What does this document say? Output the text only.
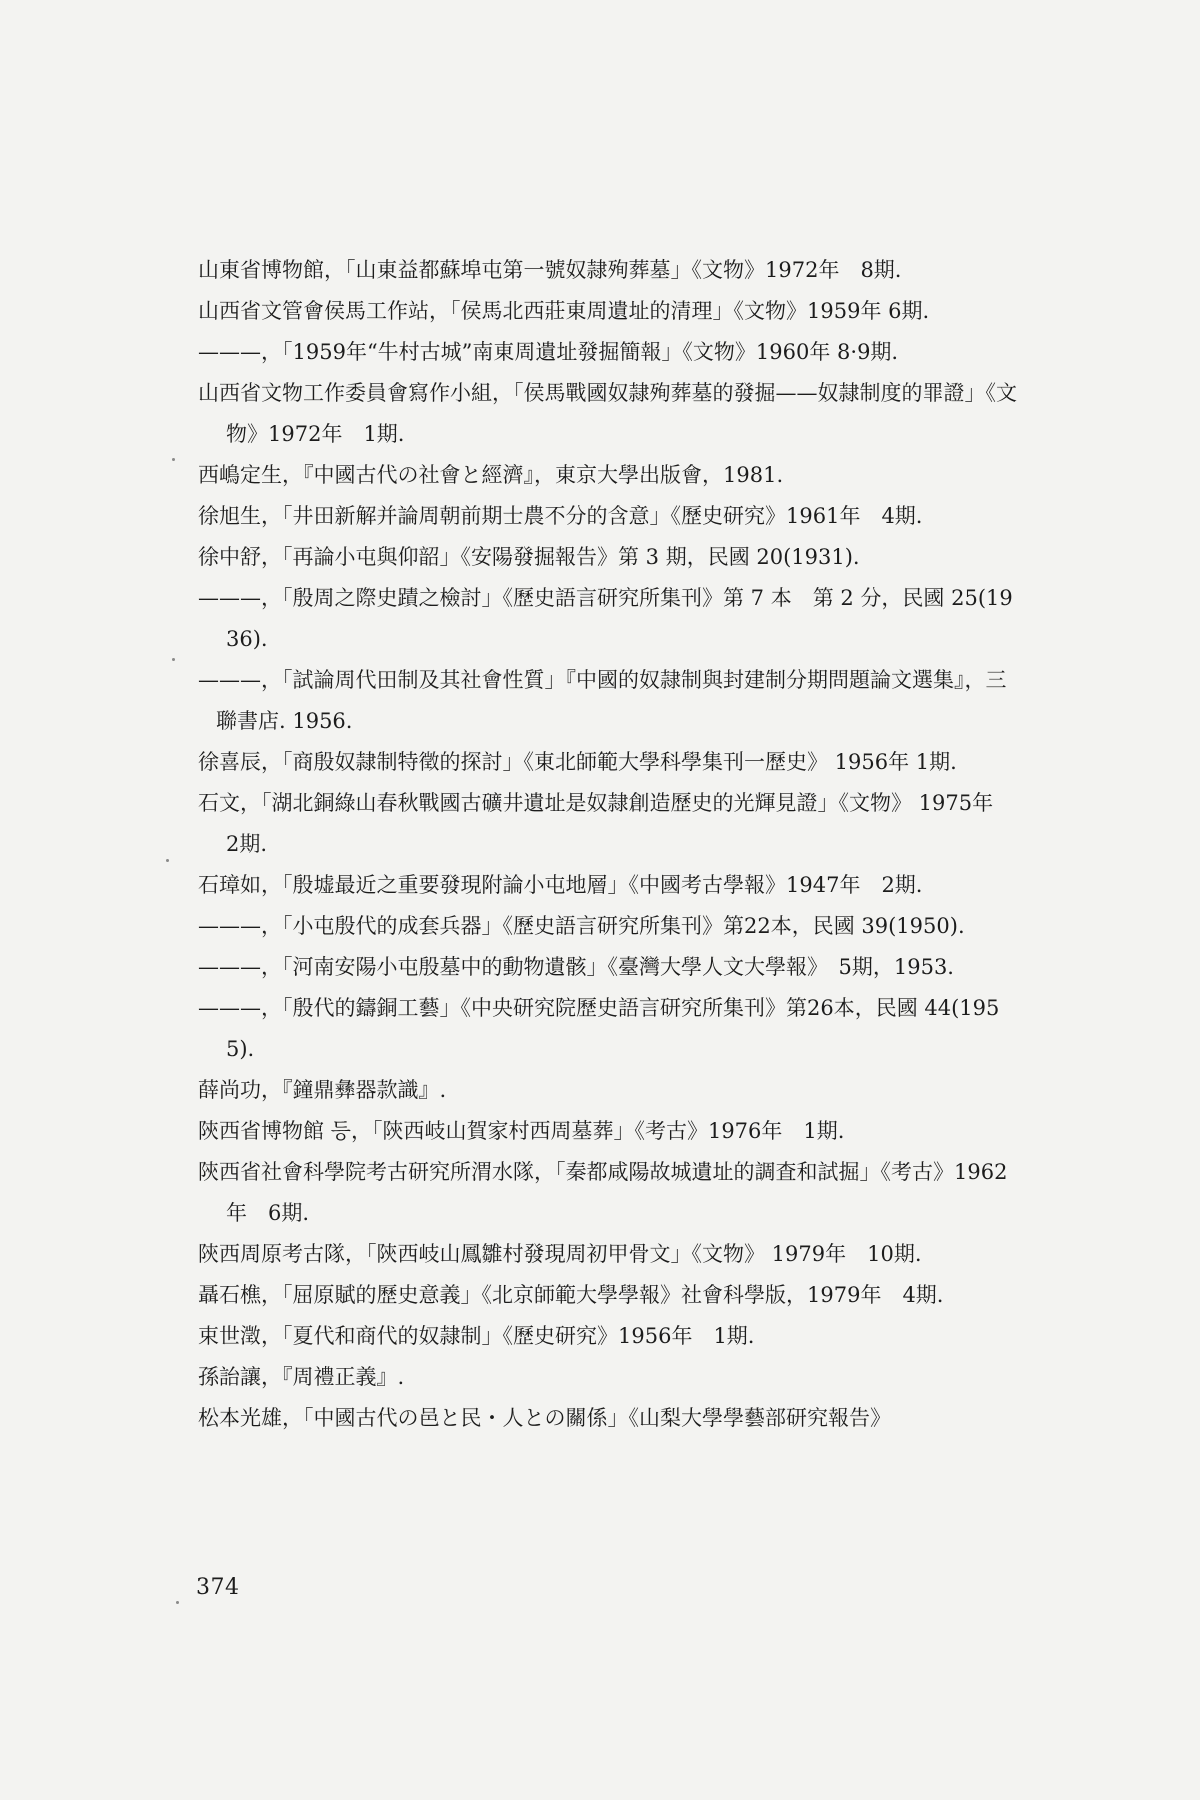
山東省博物館，「山東益都蘇埠屯第一號奴隷殉葬墓」《文物》1972年　8期.
山西省文管會侯馬工作站，「侯馬北西莊東周遺址的清理」《文物》1959年 6期.
———，「1959年“牛村古城”南東周遺址發掘簡報」《文物》1960年 8·9期.
山西省文物工作委員會寫作小組，「侯馬戰國奴隷殉葬墓的發掘——奴隷制度的罪證」《文物》1972年　1期.
西嶋定生，『中國古代の社會と經濟』，東京大學出版會，1981.
徐旭生，「井田新解并論周朝前期士農不分的含意」《歷史研究》1961年　4期.
徐中舒，「再論小屯與仰韶」《安陽發掘報告》第 3 期，民國 20(1931).
———，「殷周之際史蹟之檢討」《歷史語言研究所集刊》第 7 本　第 2 分，民國 25(1936).
———，「試論周代田制及其社會性質」『中國的奴隷制與封建制分期問題論文選集』，三聯書店. 1956.
徐喜辰，「商殷奴隷制特徵的探討」《東北師範大學科學集刊一歷史》 1956年 1期.
石文，「湖北銅綠山春秋戰國古礦井遺址是奴隷創造歷史的光輝見證」《文物》 1975年　2期.
石璋如，「殷墟最近之重要發現附論小屯地層」《中國考古學報》1947年　2期.
———，「小屯殷代的成套兵器」《歷史語言研究所集刊》第22本，民國 39(1950).
———，「河南安陽小屯殷墓中的動物遺骸」《臺灣大學人文大學報》　5期，1953.
———，「殷代的鑄銅工藝」《中央研究院歷史語言研究所集刊》第26本，民國 44(1955).
薛尚功，『鐘鼎彝器款識』.
陝西省博物館 등，「陝西岐山賀家村西周墓葬」《考古》1976年　1期.
陝西省社會科學院考古研究所渭水隊，「秦都咸陽故城遺址的調査和試掘」《考古》1962年　6期.
陝西周原考古隊，「陝西岐山鳳雛村發現周初甲骨文」《文物》 1979年　10期.
聶石樵，「屈原賦的歷史意義」《北京師範大學學報》社會科學版，1979年　4期.
束世澂，「夏代和商代的奴隷制」《歷史研究》1956年　1期.
孫詒讓，『周禮正義』.
松本光雄，「中國古代の邑と民・人との關係」《山梨大學學藝部研究報告》
374
